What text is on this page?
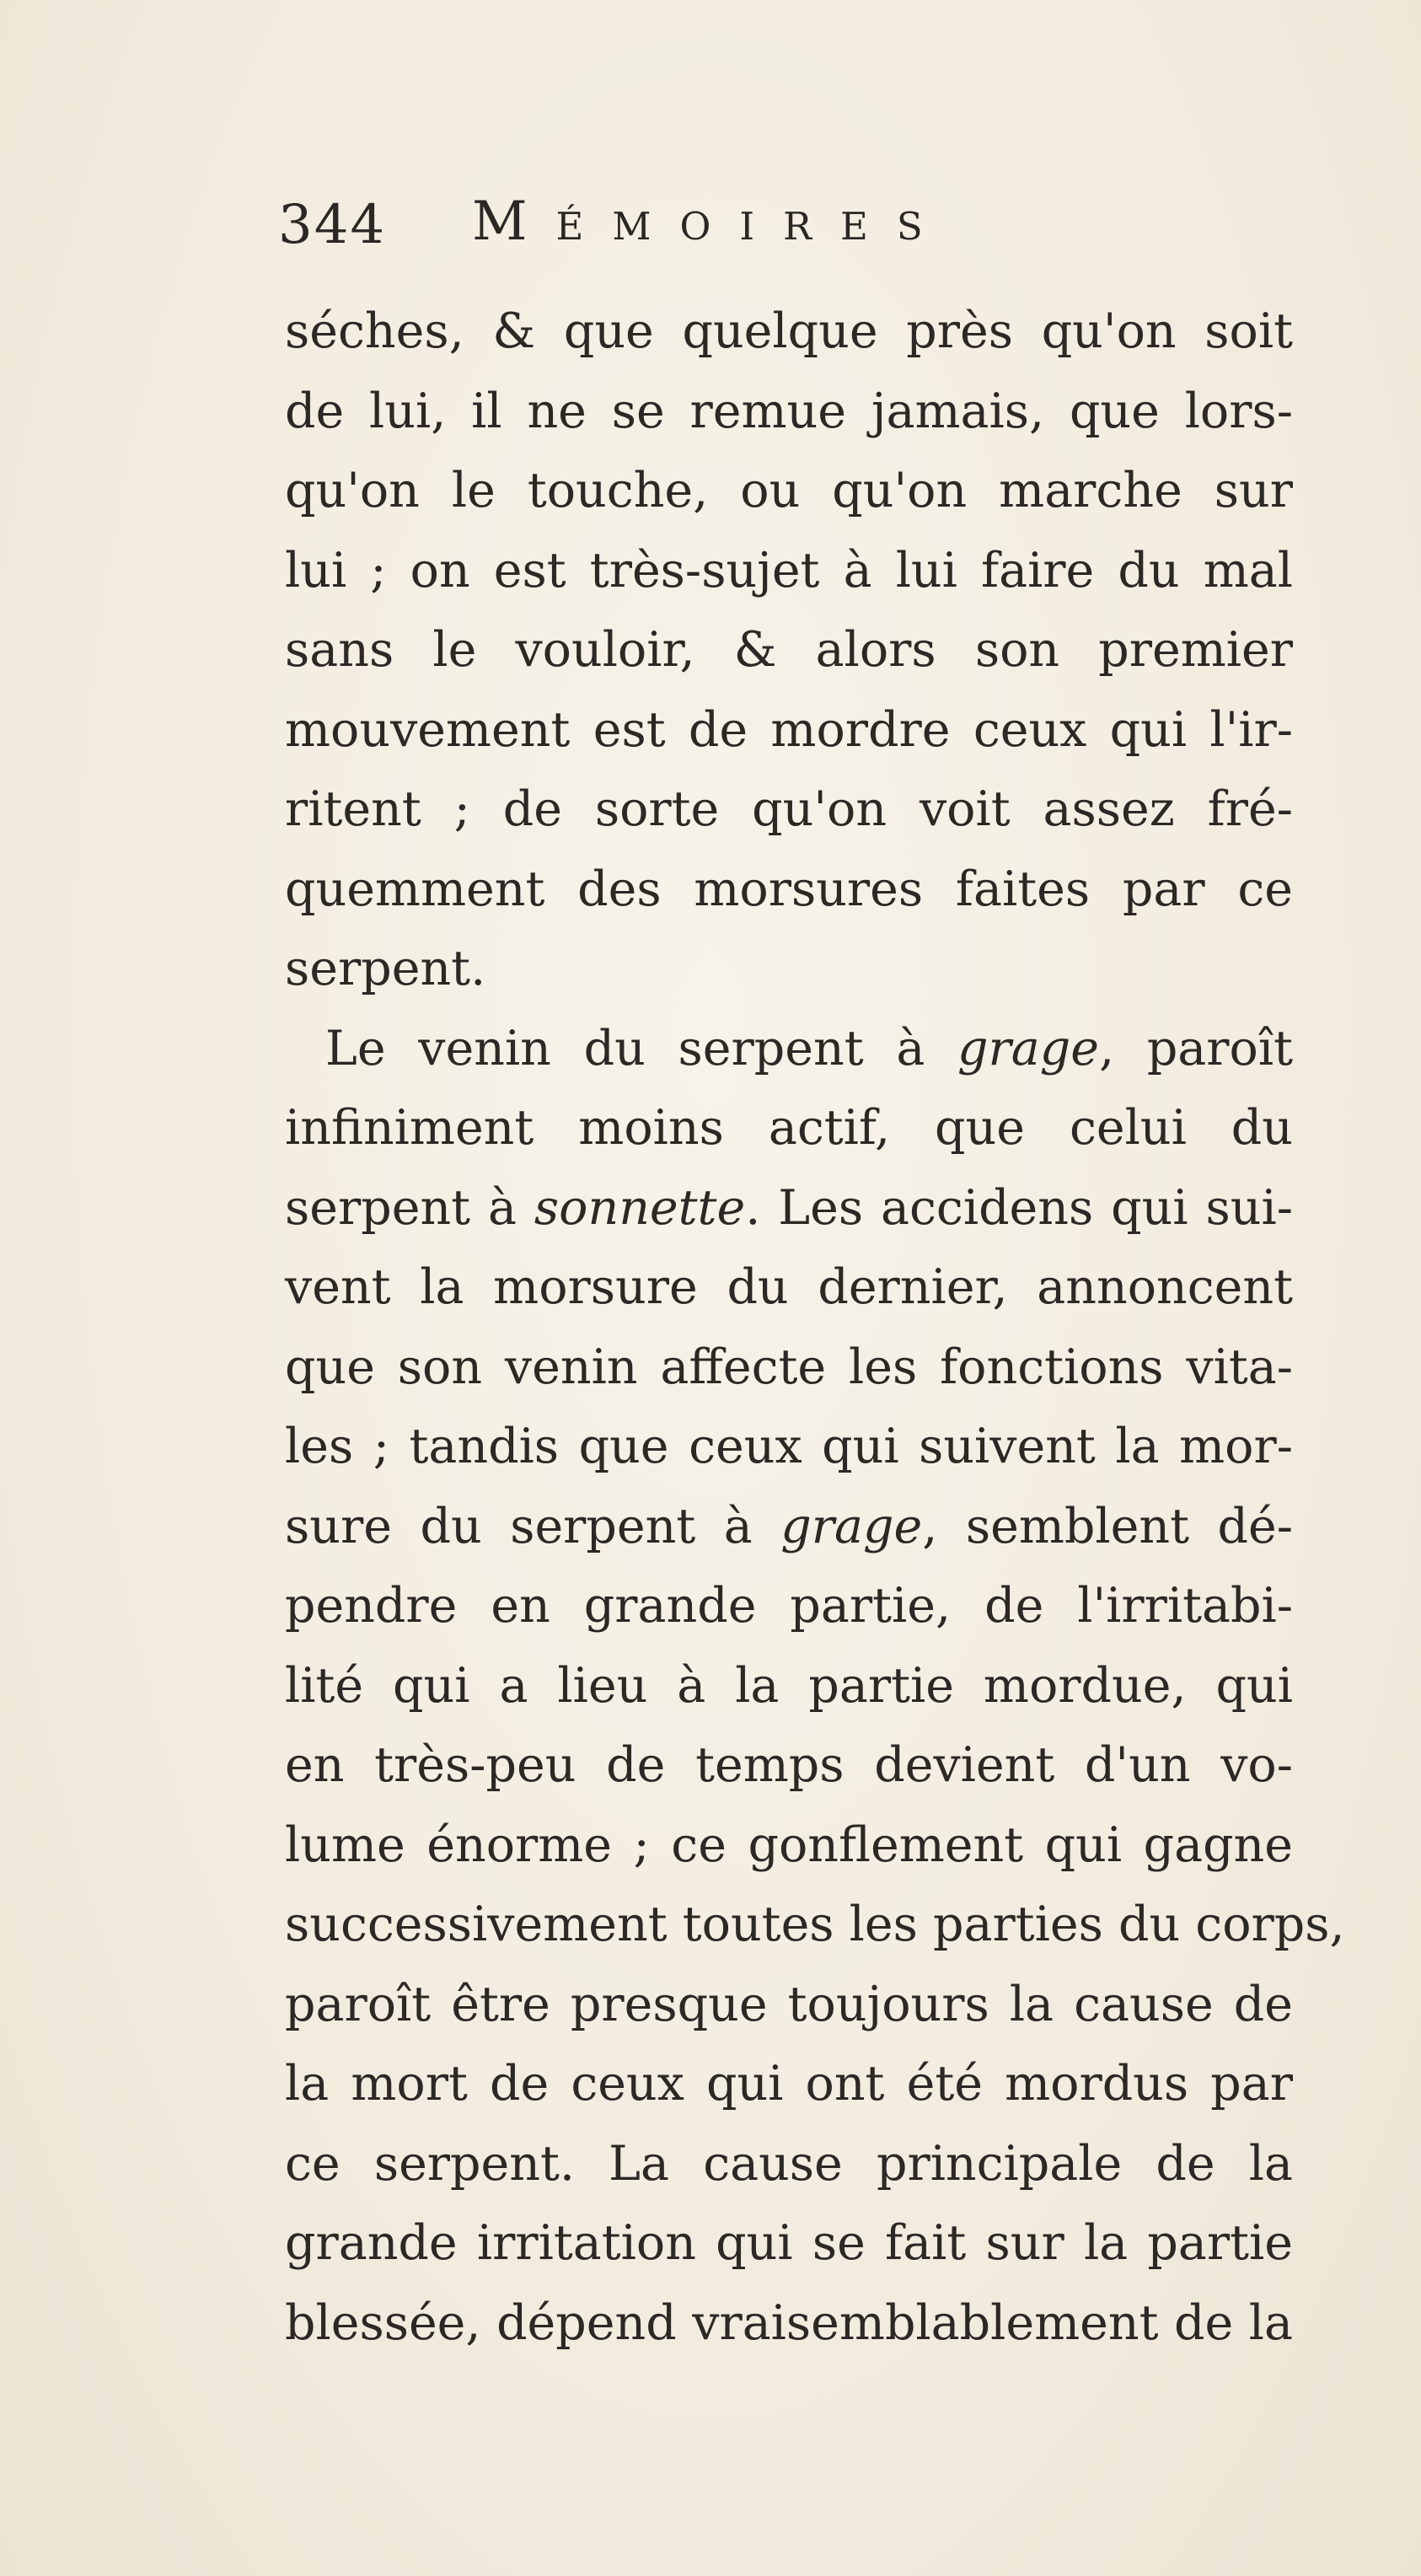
344 Mémoires
séches, & que quelque près qu'on soit
de lui, il ne se remue jamais, que lors-
qu'on le touche, ou qu'on marche sur
lui ; on est très-sujet à lui faire du mal
sans le vouloir, & alors son premier
mouvement est de mordre ceux qui l'ir-
ritent ; de sorte qu'on voit assez fré-
quemment des morsures faites par ce
serpent.
Le venin du serpent à grage, paroît
infiniment moins actif, que celui du
serpent à sonnette. Les accidens qui sui-
vent la morsure du dernier, annoncent
que son venin affecte les fonctions vita-
les ; tandis que ceux qui suivent la mor-
sure du serpent à grage, semblent dé-
pendre en grande partie, de l'irritabi-
lité qui a lieu à la partie mordue, qui
en très-peu de temps devient d'un vo-
lume énorme ; ce gonflement qui gagne
successivement toutes les parties du corps,
paroît être presque toujours la cause de
la mort de ceux qui ont été mordus par
ce serpent. La cause principale de la
grande irritation qui se fait sur la partie
blessée, dépend vraisemblablement de la
